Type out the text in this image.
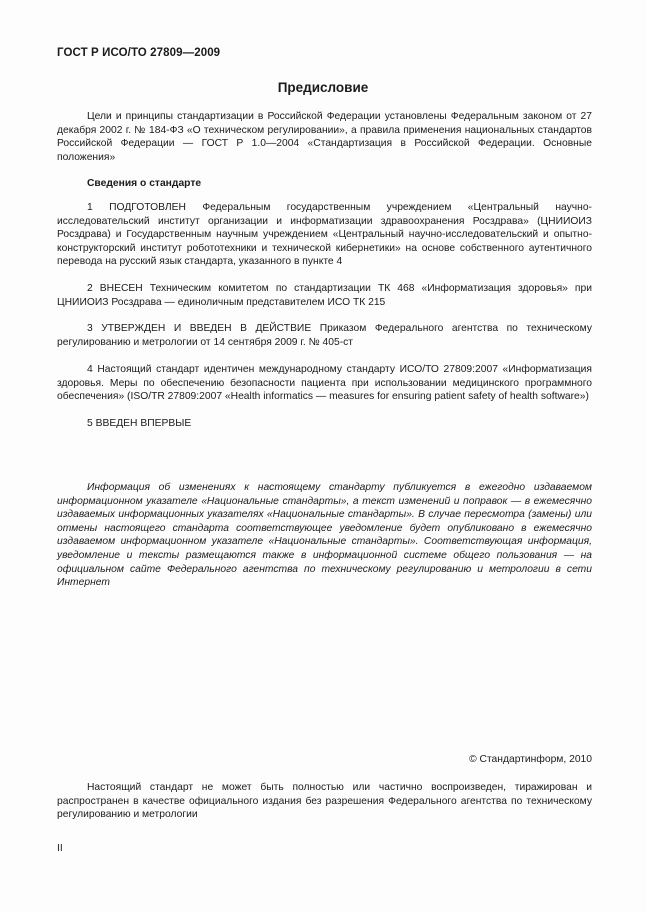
ГОСТ Р ИСО/ТО 27809—2009
Предисловие

Цели и принципы стандартизации в Российской Федерации установлены Федеральным законом от 27 декабря 2002 г. № 184-ФЗ «О техническом регулировании», а правила применения национальных стандартов Российской Федерации — ГОСТ Р 1.0—2004 «Стандартизация в Российской Федерации. Основные положения»

Сведения о стандарте

1 ПОДГОТОВЛЕН Федеральным государственным учреждением «Центральный научно-исследовательский институт организации и информатизации здравоохранения Росздрава» (ЦНИИОИЗ Росздрава) и Государственным научным учреждением «Центральный научно-исследовательский и опытно-конструкторский институт робототехники и технической кибернетики» на основе собственного аутентичного перевода на русский язык стандарта, указанного в пункте 4

2 ВНЕСЕН Техническим комитетом по стандартизации ТК 468 «Информатизация здоровья» при ЦНИИОИЗ Росздрава — единоличным представителем ИСО ТК 215

3 УТВЕРЖДЕН И ВВЕДЕН В ДЕЙСТВИЕ Приказом Федерального агентства по техническому регулированию и метрологии от 14 сентября 2009 г. № 405-ст

4 Настоящий стандарт идентичен международному стандарту ИСО/ТО 27809:2007 «Информатизация здоровья. Меры по обеспечению безопасности пациента при использовании медицинского программного обеспечения» (ISO/TR 27809:2007 «Health informatics — measures for ensuring patient safety of health software»)

5 ВВЕДЕН ВПЕРВЫЕ

Информация об изменениях к настоящему стандарту публикуется в ежегодно издаваемом информационном указателе «Национальные стандарты», а текст изменений и поправок — в ежемесячно издаваемых информационных указателях «Национальные стандарты». В случае пересмотра (замены) или отмены настоящего стандарта соответствующее уведомление будет опубликовано в ежемесячно издаваемом информационном указателе «Национальные стандарты». Соответствующая информация, уведомление и тексты размещаются также в информационной системе общего пользования — на официальном сайте Федерального агентства по техническому регулированию и метрологии в сети Интернет

© Стандартинформ, 2010

Настоящий стандарт не может быть полностью или частично воспроизведен, тиражирован и распространен в качестве официального издания без разрешения Федерального агентства по техническому регулированию и метрологии

II
